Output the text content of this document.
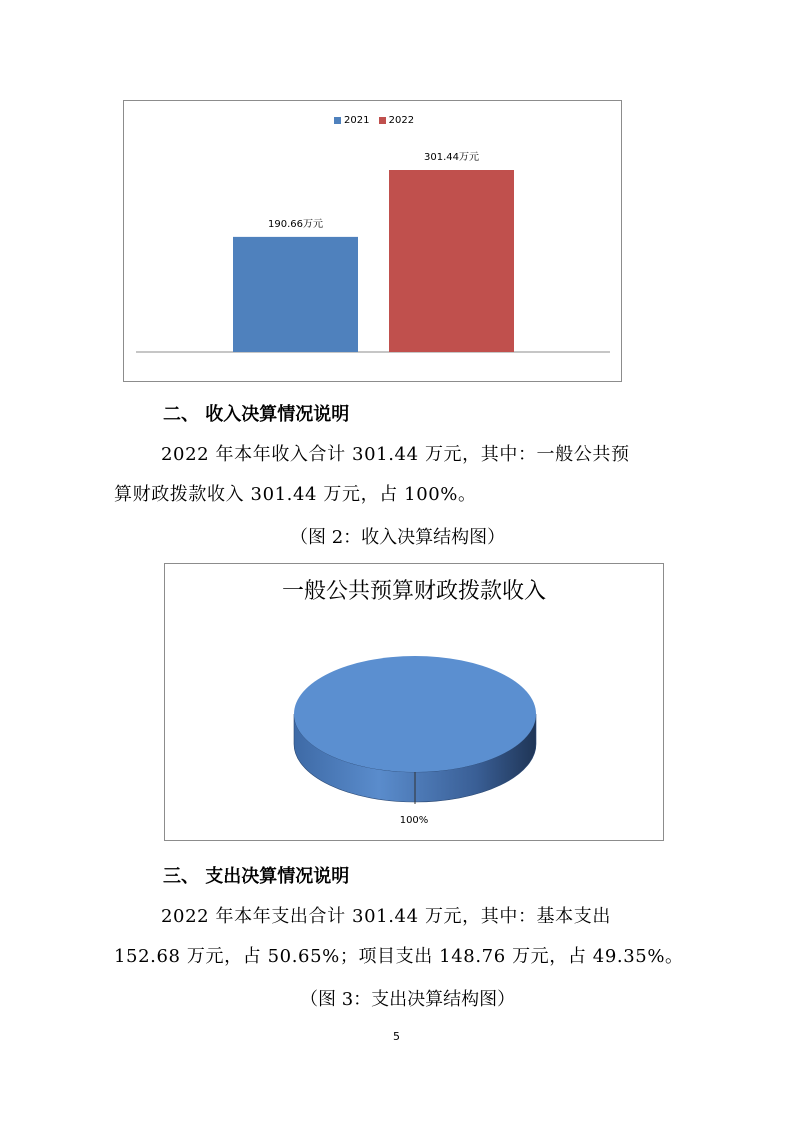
2021 2022
190.66万元
301.44万元
二、 收入决算情况说明
2022 年本年收入合计 301.44 万元，其中：一般公共预
算财政拨款收入 301.44 万元，占 100%。
（图 2：收入决算结构图）
一般公共预算财政拨款收入
100%
三、 支出决算情况说明
2022 年本年支出合计 301.44 万元，其中：基本支出
152.68 万元，占 50.65%；项目支出 148.76 万元，占 49.35%。
（图 3：支出决算结构图）
5
